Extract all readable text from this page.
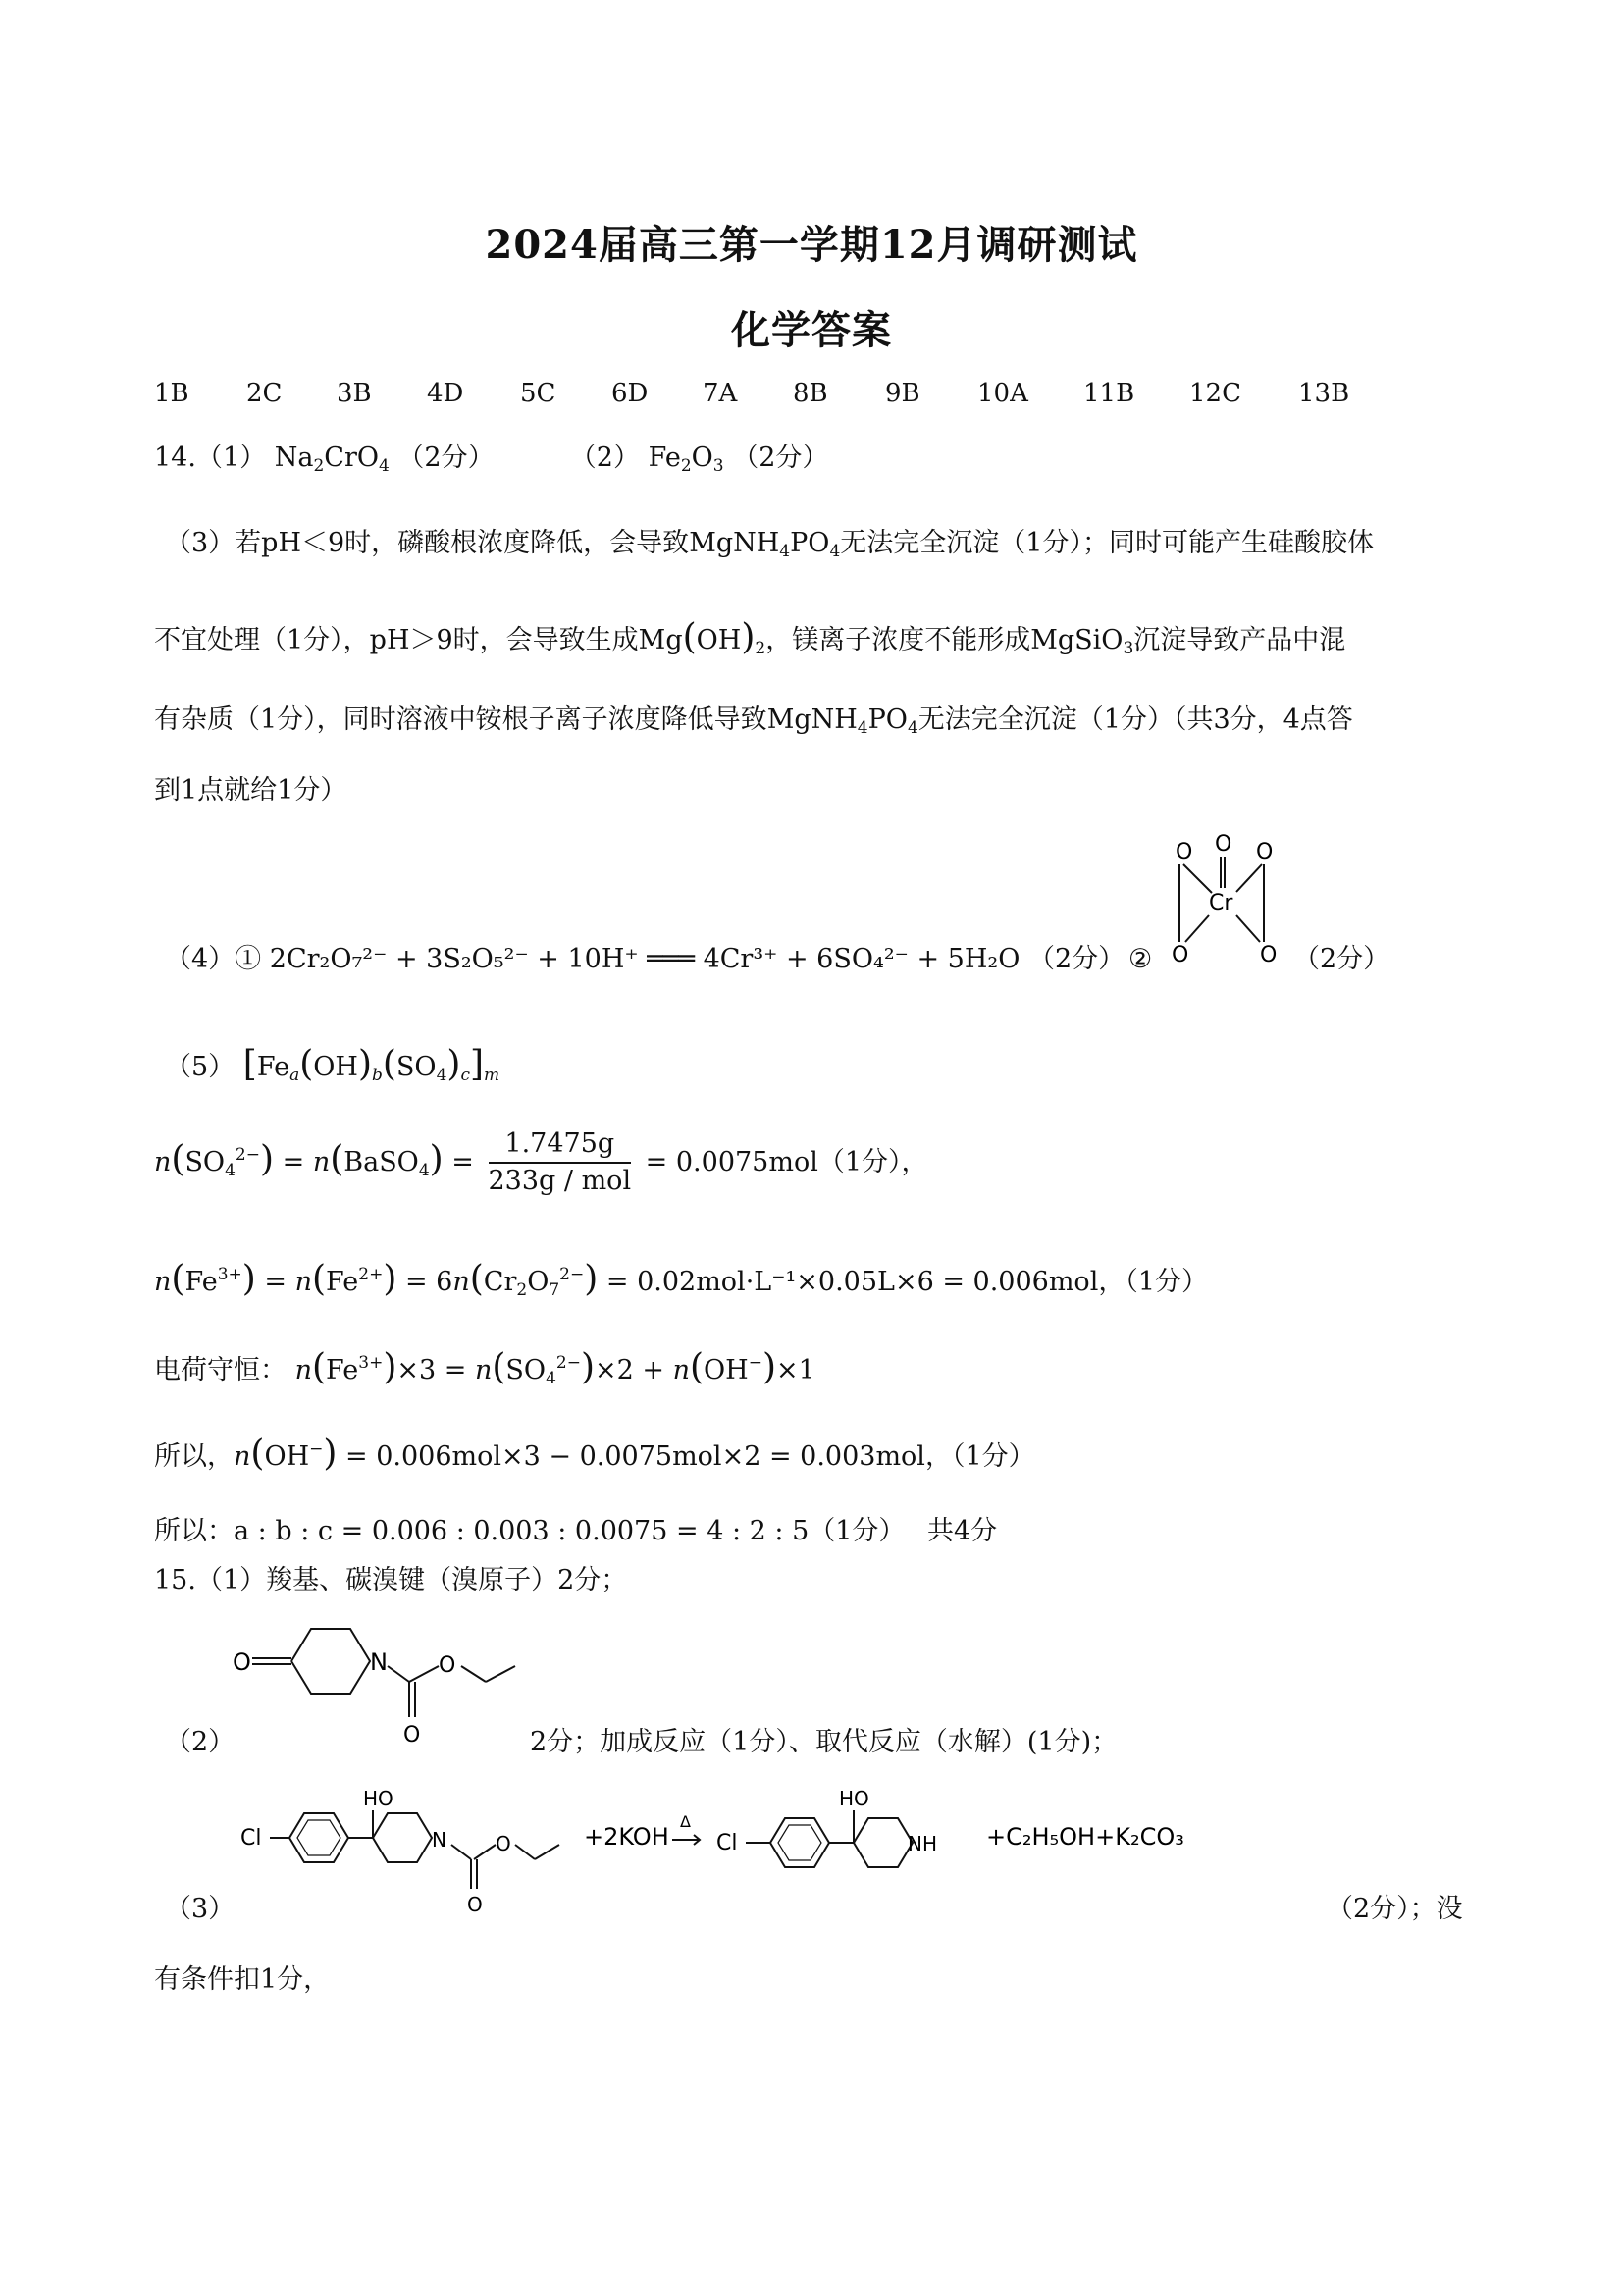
2024届高三第一学期12月调研测试
化学答案
1B 2C 3B 4D 5C 6D 7A 8B 9B 10A 11B 12C 13B
14.（1） $Na_2CrO_4$ （2分）	（2） $Fe_2O_3$ （2分）
（3）若pH＜9时，磷酸根浓度降低，会导致$MgNH_4PO_4$无法完全沉淀（1分）；同时可能产生硅酸胶体
不宜处理（1分），pH＞9时，会导致生成$Mg(OH)_2$，镁离子浓度不能形成MgSiO$_3$沉淀导致产品中混
有杂质（1分），同时溶液中铵根子离子浓度降低导致$MgNH_4PO_4$无法完全沉淀（1分）（共3分，4点答
到1点就给1分）
（4）① 2Cr₂O₇²⁻ + 3S₂O₅²⁻ + 10H⁺ ═══ 4Cr³⁺ + 6SO₄²⁻ + 5H₂O （2分） ②
O O O
Cr
O	O （2分）
（5） $[Fe_a(OH)_b(SO_4)_c]_m$
$n(SO_4^{2-})$ = n(BaSO$_4$) = $\frac{1.7475g}{\text{233g / mol}} = 0.0075mol(1$分），
$n(Fe^{3+}) = n(Fe^{2+}) = 6n(Cr_2O_7^{2-}) = 0.02mol\cdot L^{-1}\times 0.05L\times 6 = 0.006mol$，（1分）
电荷守恒： $n(Fe^{3+})\times 3 = n(SO_4^{2-})\times 2 + n(OH^-)\times 1$
所以，n(OH−) = 0.006mol×3 − 0.0075mol×2 = 0.003mol，（1分）
所以：a : b : c = 0.006 : 0.003 : 0.0075 = 4 : 2 : 5（1分） 共4分
15.（1）羧基、碳溴键（溴原子）2分；
O	N
O
O
（2）	2分；加成反应（1分）、取代反应（水解）(1分)；
Cl
HO
N
O
O	+2KOH
Δ
Cl
HO
NH +C₂H₅OH+K₂CO₃
（3）	（2分）；没
有条件扣1分，
